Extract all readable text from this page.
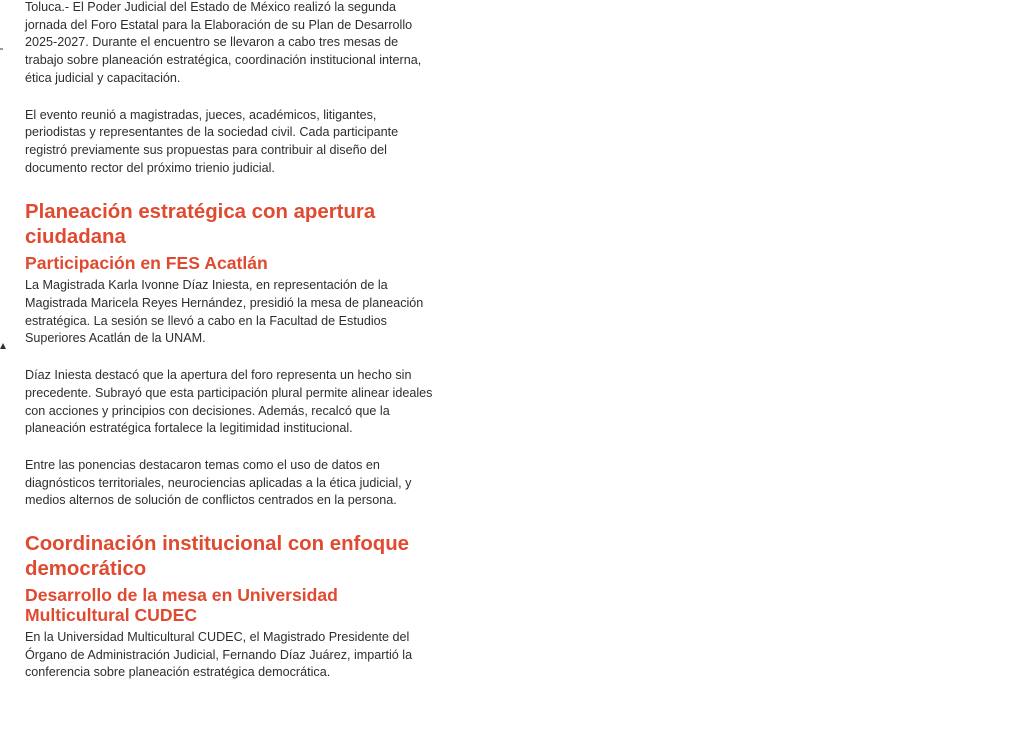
Toluca.- El Poder Judicial del Estado de México realizó la segunda jornada del Foro Estatal para la Elaboración de su Plan de Desarrollo 2025-2027. Durante el encuentro se llevaron a cabo tres mesas de trabajo sobre planeación estratégica, coordinación institucional interna, ética judicial y capacitación.

El evento reunió a magistradas, jueces, académicos, litigantes, periodistas y representantes de la sociedad civil. Cada participante registró previamente sus propuestas para contribuir al diseño del documento rector del próximo trienio judicial.

Planeación estratégica con apertura ciudadana
Participación en FES Acatlán

La Magistrada Karla Ivonne Díaz Iniesta, en representación de la Magistrada Maricela Reyes Hernández, presidió la mesa de planeación estratégica. La sesión se llevó a cabo en la Facultad de Estudios Superiores Acatlán de la UNAM.

Díaz Iniesta destacó que la apertura del foro representa un hecho sin precedente. Subrayó que esta participación plural permite alinear ideales con acciones y principios con decisiones. Además, recalcó que la planeación estratégica fortalece la legitimidad institucional.

Entre las ponencias destacaron temas como el uso de datos en diagnósticos territoriales, neurociencias aplicadas a la ética judicial, y medios alternos de solución de conflictos centrados en la persona.

Coordinación institucional con enfoque democrático
Desarrollo de la mesa en Universidad Multicultural CUDEC

En la Universidad Multicultural CUDEC, el Magistrado Presidente del Órgano de Administración Judicial, Fernando Díaz Juárez, impartió la conferencia sobre planeación estratégica democrática.
